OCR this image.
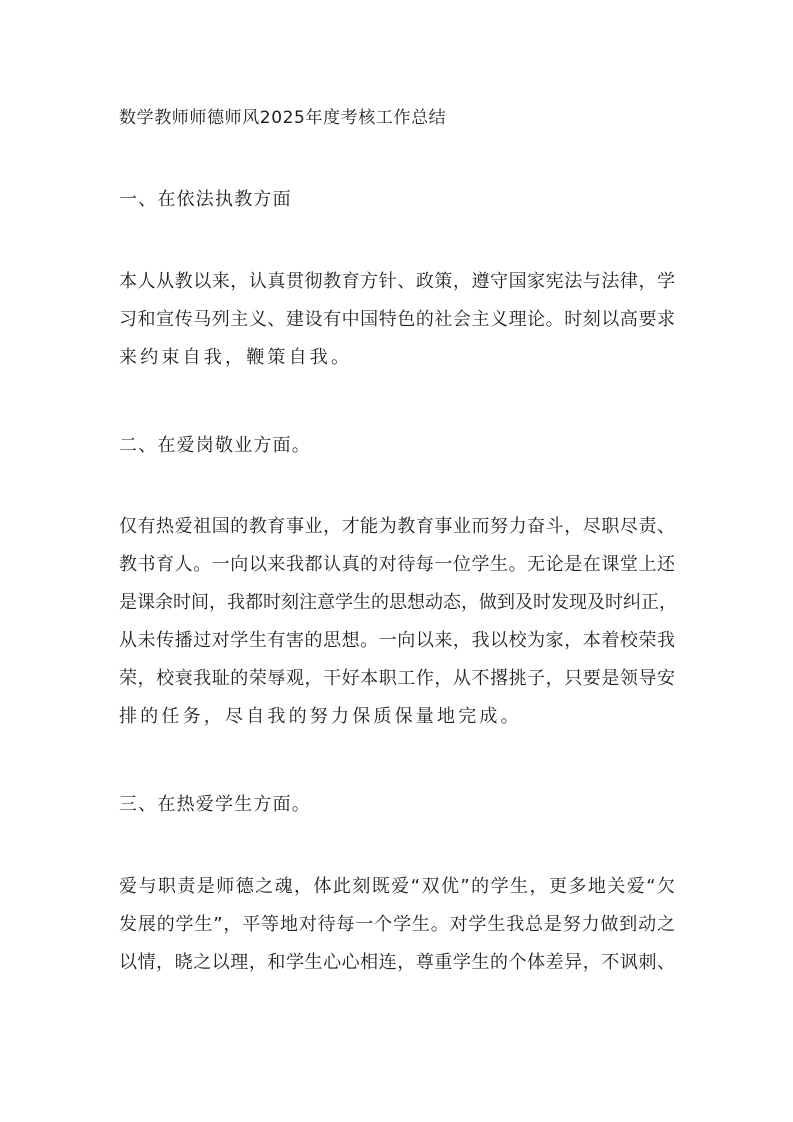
数学教师师德师风2025年度考核工作总结
一、在依法执教方面
本人从教以来，认真贯彻教育方针、政策，遵守国家宪法与法律，学
习和宣传马列主义、建设有中国特色的社会主义理论。时刻以高要求
来约束自我，鞭策自我。
二、在爱岗敬业方面。
仅有热爱祖国的教育事业，才能为教育事业而努力奋斗，尽职尽责、
教书育人。一向以来我都认真的对待每一位学生。无论是在课堂上还
是课余时间，我都时刻注意学生的思想动态，做到及时发现及时纠正，
从未传播过对学生有害的思想。一向以来，我以校为家，本着校荣我
荣，校衰我耻的荣辱观，干好本职工作，从不撂挑子，只要是领导安
排的任务，尽自我的努力保质保量地完成。
三、在热爱学生方面。
爱与职责是师德之魂，体此刻既爱“双优”的学生，更多地关爱“欠
发展的学生”，平等地对待每一个学生。对学生我总是努力做到动之
以情，晓之以理，和学生心心相连，尊重学生的个体差异，不讽刺、
